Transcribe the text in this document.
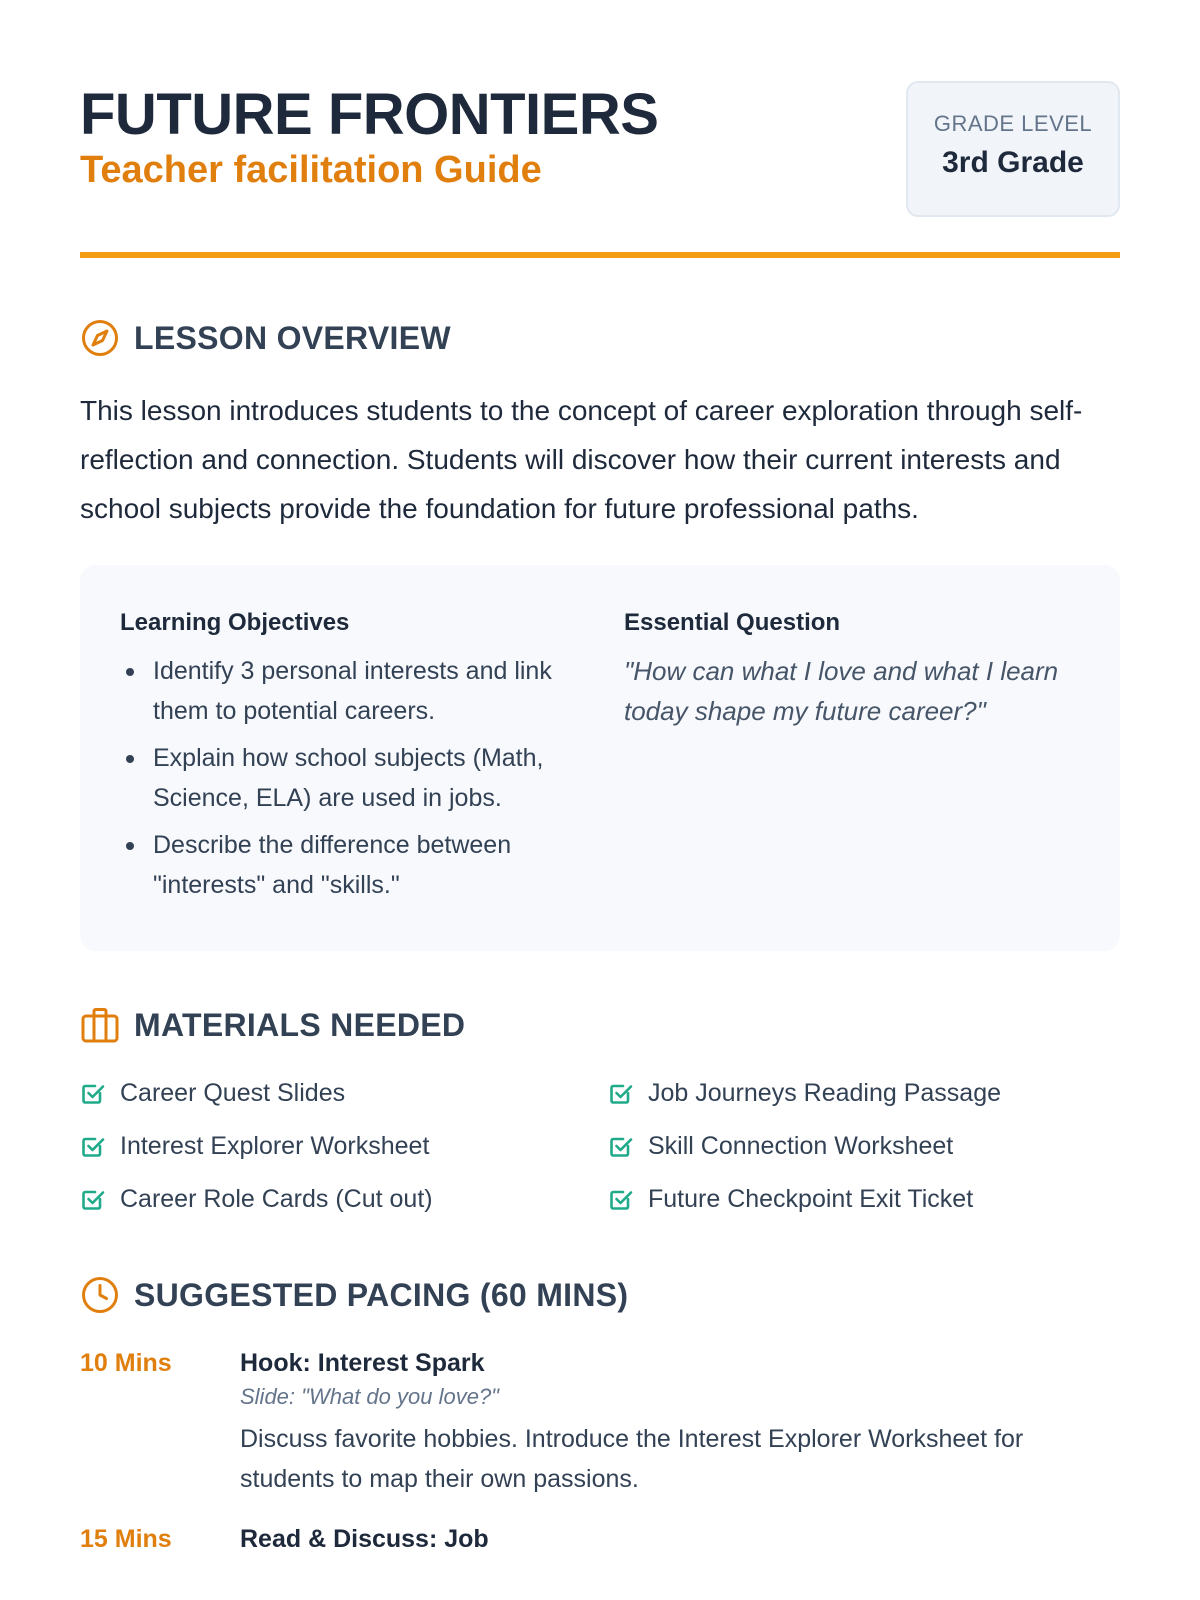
FUTURE FRONTIERS
Teacher facilitation Guide
GRADE LEVEL
3rd Grade
LESSON OVERVIEW

This lesson introduces students to the concept of career exploration through self-reflection and connection. Students will discover how their current interests and school subjects provide the foundation for future professional paths.

Learning Objectives
Identify 3 personal interests and link them to potential careers.
Explain how school subjects (Math, Science, ELA) are used in jobs.
Describe the difference between "interests" and "skills."
Essential Question
"How can what I love and what I learn today shape my future career?"
MATERIALS NEEDED
Career Quest Slides	Job Journeys Reading Passage
Interest Explorer Worksheet	Skill Connection Worksheet
Career Role Cards (Cut out)	Future Checkpoint Exit Ticket
SUGGESTED PACING (60 MINS)
10 Mins	Hook: Interest Spark
Slide: "What do you love?"
Discuss favorite hobbies. Introduce the Interest Explorer Worksheet for students to map their own passions.
15 Mins	Read & Discuss: Job
